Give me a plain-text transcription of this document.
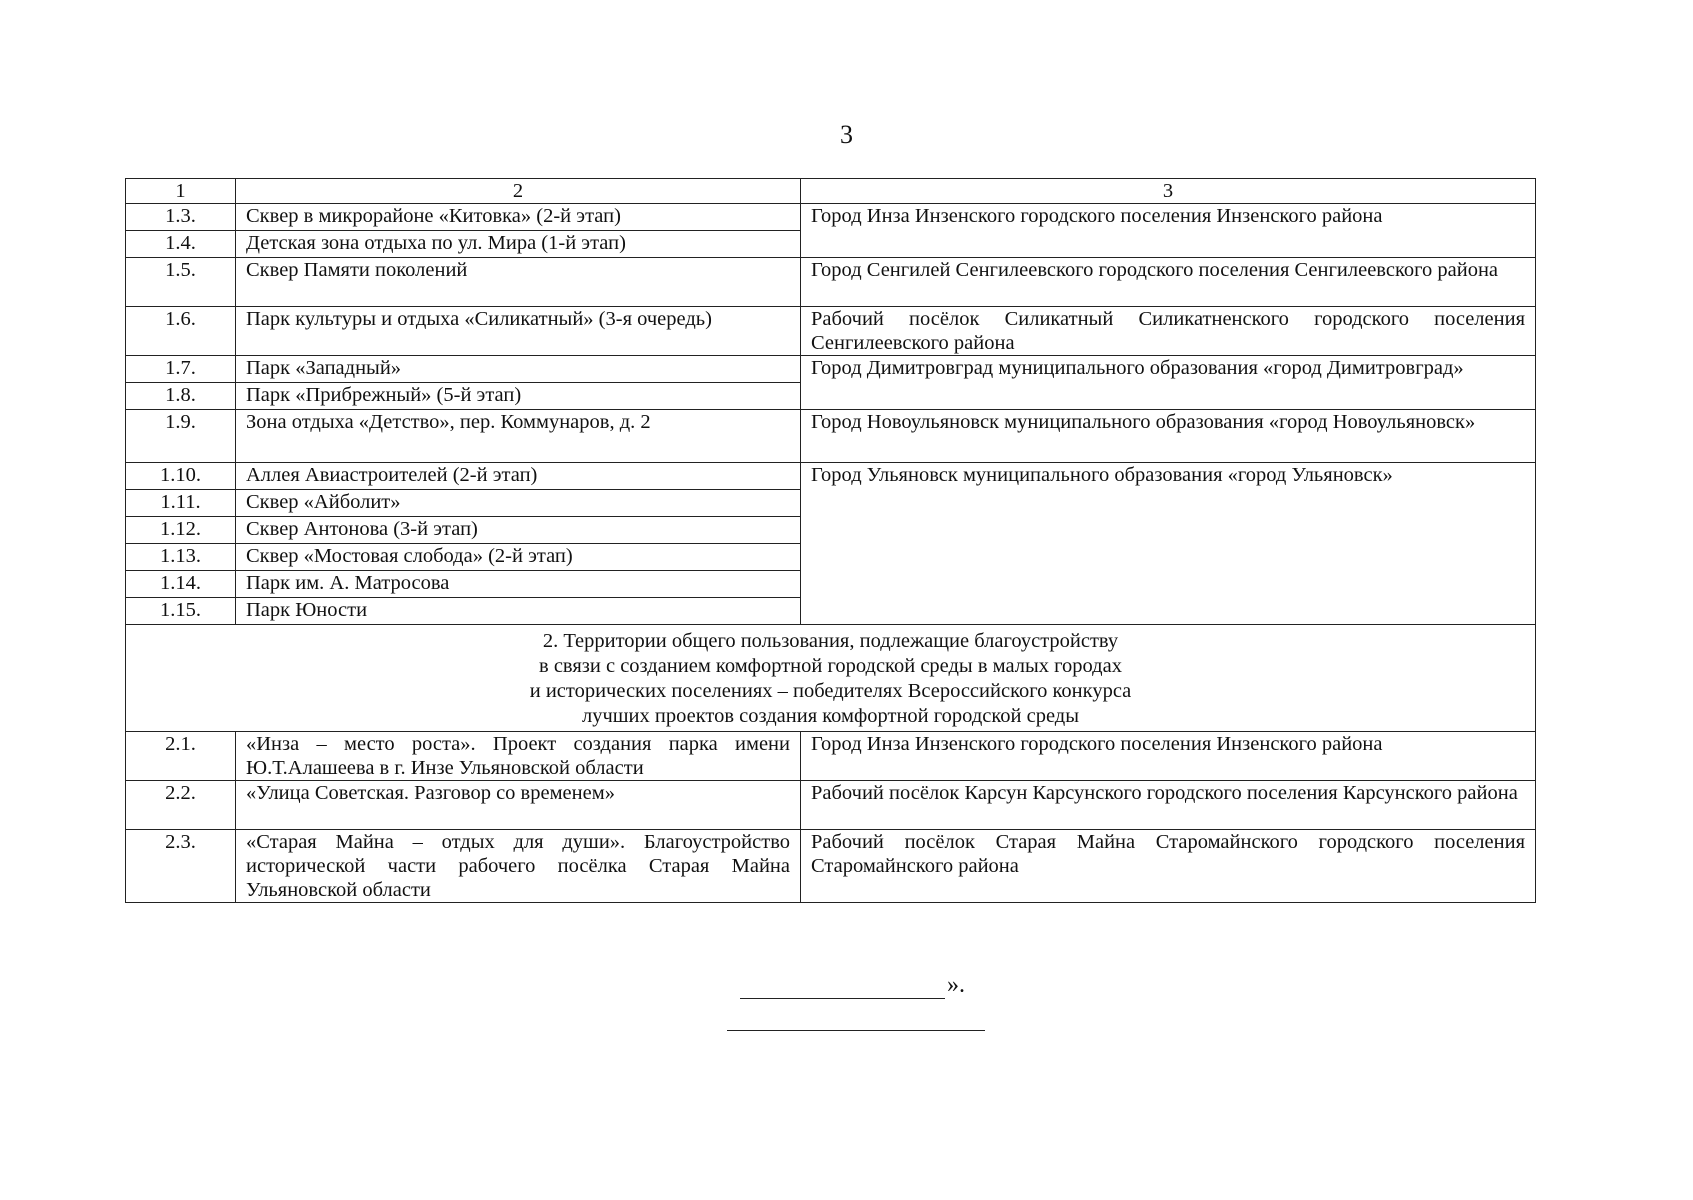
3
1	2	3
1.3.	Сквер в микрорайоне «Китовка» (2-й этап)	Город Инза Инзенского городского поселения Инзенского района
1.4.	Детская зона отдыха по ул. Мира (1-й этап)	
1.5.	Сквер Памяти поколений	Город Сенгилей Сенгилеевского городского поселения Сенгилеевского района
1.6.	Парк культуры и отдыха «Силикатный» (3-я очередь)	Рабочий посёлок Силикатный Силикатненского городского поселения Сенгилеевского района
1.7.	Парк «Западный»	Город Димитровград муниципального образования «город Димитровград»
1.8.	Парк «Прибрежный» (5-й этап)	
1.9.	Зона отдыха «Детство», пер. Коммунаров, д. 2	Город Новоульяновск муниципального образования «город Новоульяновск»
1.10.	Аллея Авиастроителей (2-й этап)	Город Ульяновск муниципального образования «город Ульяновск»
1.11.	Сквер «Айболит»	
1.12.	Сквер Антонова (3-й этап)	
1.13.	Сквер «Мостовая слобода» (2-й этап)	
1.14.	Парк им. А. Матросова	
1.15.	Парк Юности	

2. Территории общего пользования, подлежащие благоустройству
в связи с созданием комфортной городской среды в малых городах
и исторических поселениях – победителях Всероссийского конкурса
лучших проектов создания комфортной городской среды		

2.1.	«Инза – место роста». Проект создания парка имени Ю.Т.Алашеева в г. Инзе Ульяновской области	Город Инза Инзенского городского поселения Инзенского района
2.2.	«Улица Советская. Разговор со временем»	Рабочий посёлок Карсун Карсунского городского поселения Карсунского района
2.3.	«Старая Майна – отдых для души». Благоустройство исторической части рабочего посёлка Старая Майна Ульяновской области	Рабочий посёлок Старая Майна Старомайнского городского поселения Старомайнского района
».
